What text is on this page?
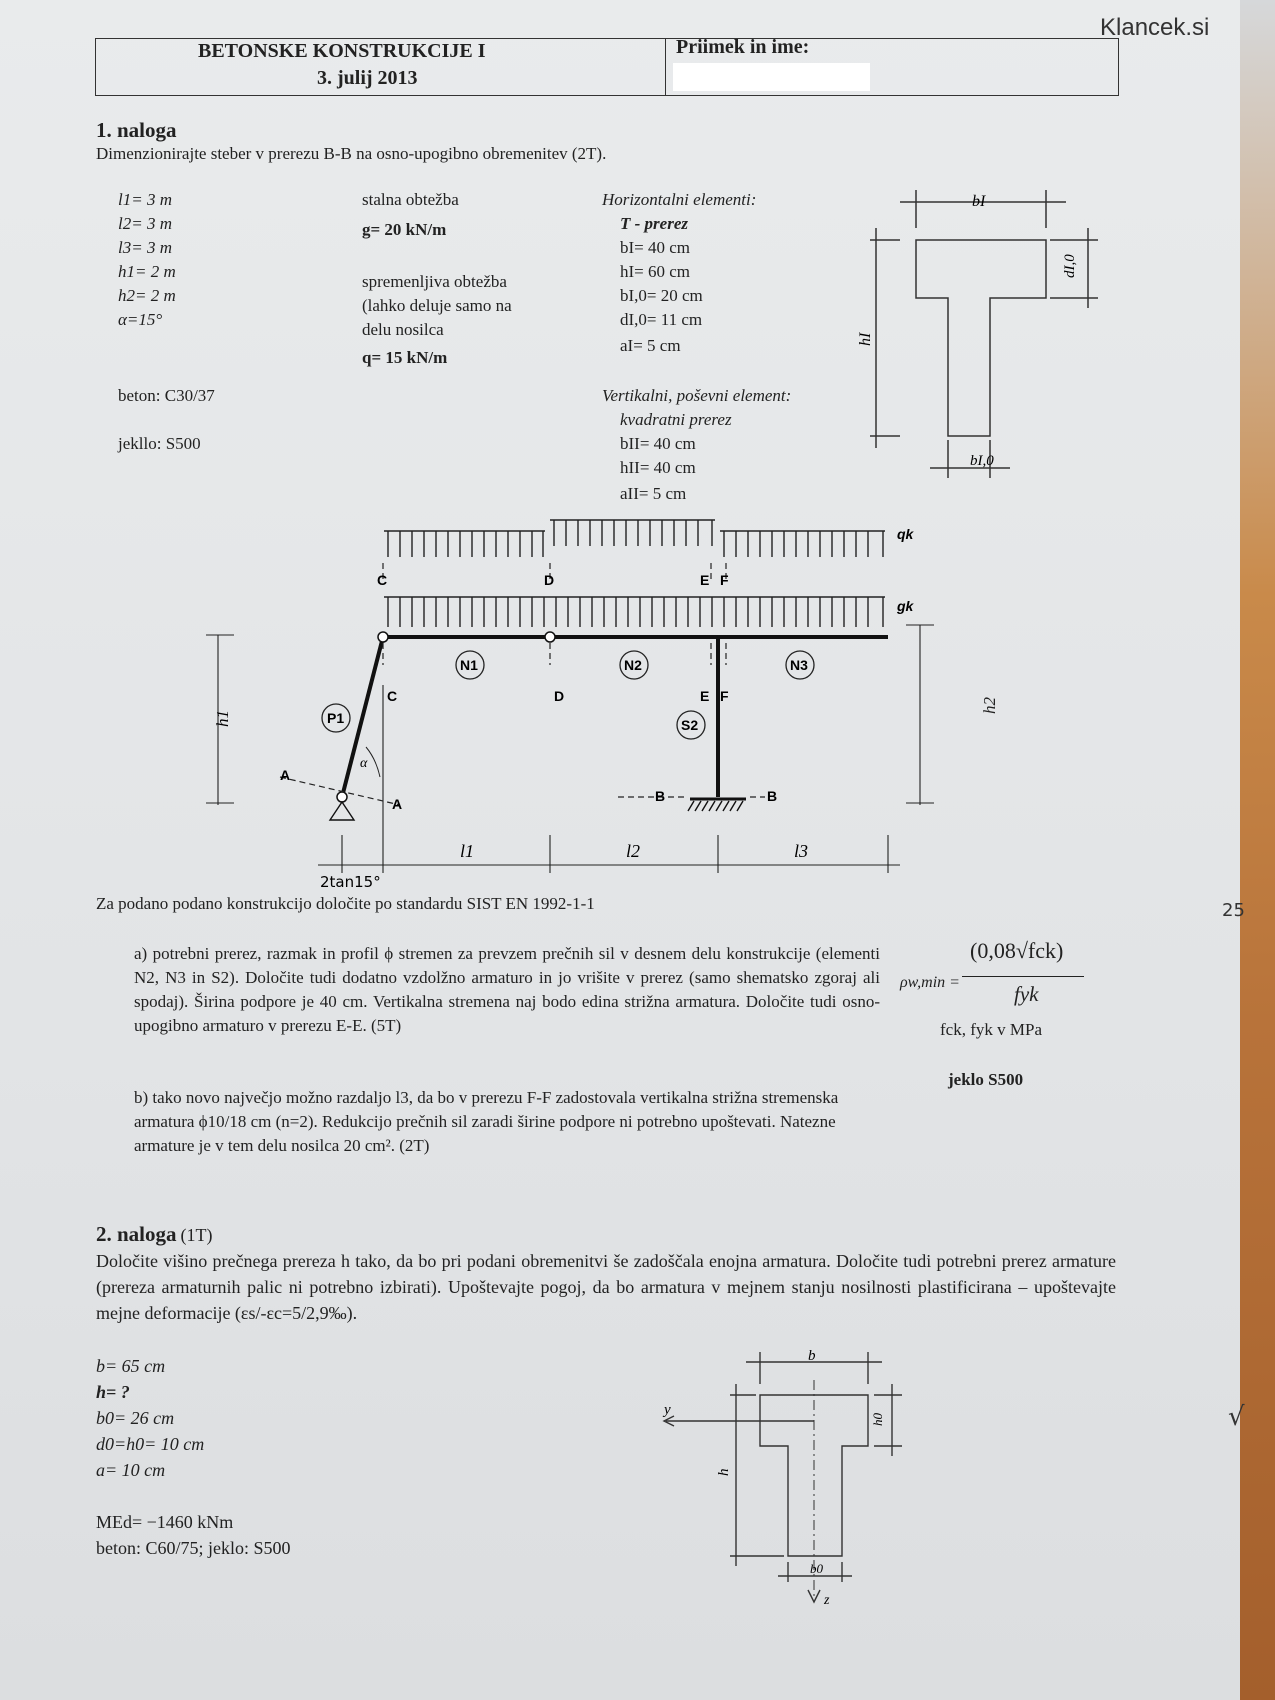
Klancek.si
BETONSKE KONSTRUKCIJE I
3. julij 2013
Priimek in ime:
1. naloga
Dimenzionirajte steber v prerezu B-B na osno-upogibno obremenitev (2T).
l1= 3 m
l2= 3 m
l3= 3 m
h1= 2 m
h2= 2 m
α=15°
beton: C30/37
jekllo: S500
stalna obtežba
g= 20 kN/m
spremenljiva obtežba
(lahko deluje samo na
delu nosilca
q= 15 kN/m
Horizontalni elementi:
T - prerez
bI= 40 cm
hI= 60 cm
bI,0= 20 cm
dI,0= 11 cm
aI= 5 cm
Vertikalni, poševni element:
kvadratni prerez
bII= 40 cm
hII= 40 cm
aII= 5 cm
bI
dI,0
hI
bI,0
C	D	E F
C	D	E F
N1	N2	N3
P1	S2
qk
gk
A
A	B	B
α
h1
l1	l2	l3
2tan15°
h2
Za podano podano konstrukcijo določite po standardu SIST EN 1992-1-1
a) potrebni prerez, razmak in profil ϕ stremen za prevzem prečnih sil v desnem delu konstrukcije (elementi N2, N3 in S2). Določite tudi dodatno vzdolžno armaturo in jo vrišite v prerez (samo shematsko zgoraj ali spodaj). Širina podpore je 40 cm. Vertikalna stremena naj bodo edina strižna armatura. Določite tudi osno-upogibno armaturo v prerezu E-E. (5T)
b) tako novo največjo možno razdaljo l3, da bo v prerezu F-F zadostovala vertikalna strižna stremenska armatura ϕ10/18 cm (n=2). Redukcijo prečnih sil zaradi širine podpore ni potrebno upoštevati. Natezne armature je v tem delu nosilca 20 cm². (2T)
ρw,min =
(0,08√fck)
fyk
fck, fyk v MPa
jeklo S500
25
2. naloga (1T)
Določite višino prečnega prereza h tako, da bo pri podani obremenitvi še zadoščala enojna armatura. Določite tudi potrebni prerez armature (prereza armaturnih palic ni potrebno izbirati). Upoštevajte pogoj, da bo armatura v mejnem stanju nosilnosti plastificirana – upoštevajte mejne deformacije (εs/-εc=5/2,9‰).
b= 65 cm
h= ?
b0= 26 cm
d0=h0= 10 cm
a= 10 cm
MEd= −1460 kNm
beton: C60/75; jeklo: S500
b
h0
h
b0
y
z
√
